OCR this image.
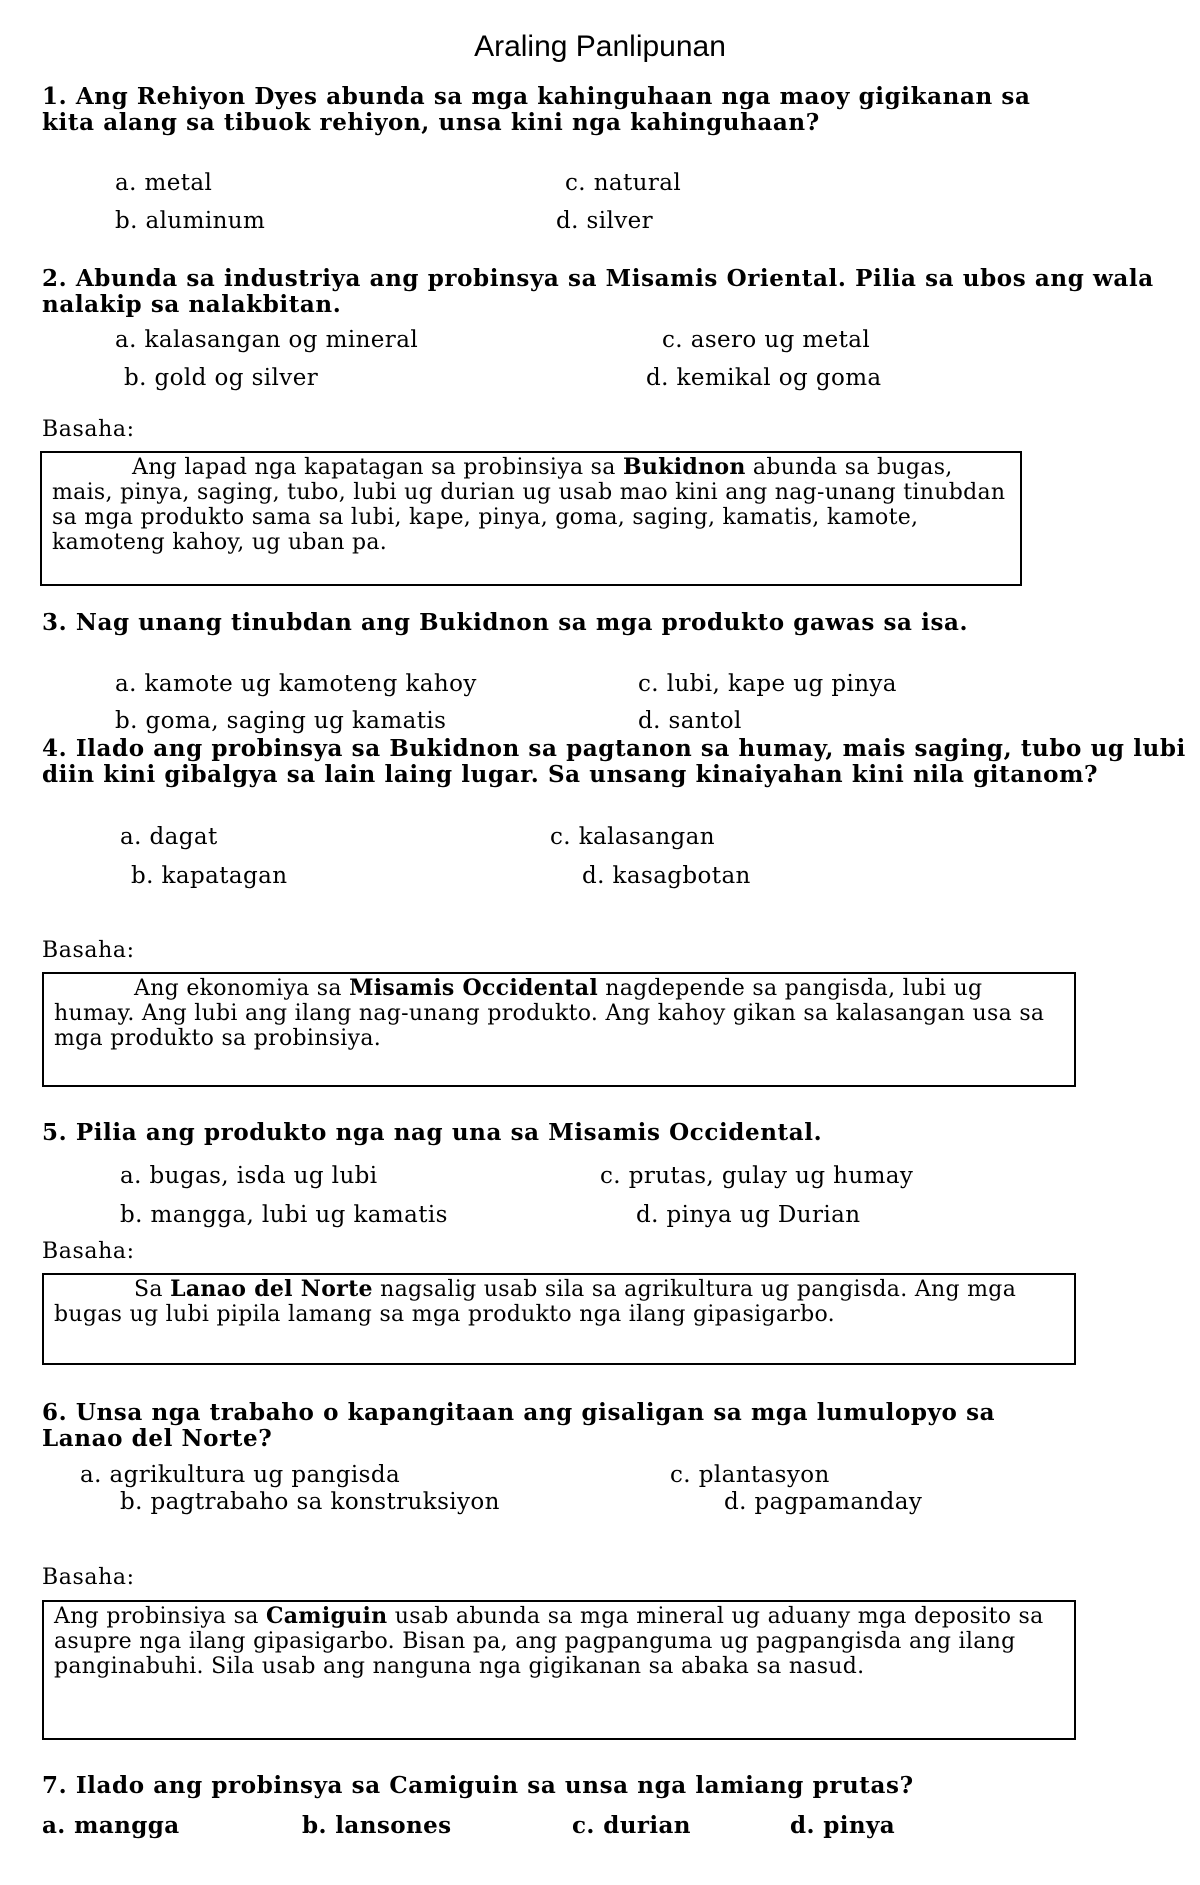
Araling Panlipunan
1. Ang Rehiyon Dyes abunda sa mga kahinguhaan nga maoy gigikanan sa kita alang sa tibuok rehiyon, unsa kini nga kahinguhaan?
a. metal	c. natural
b. aluminum	d. silver
2. Abunda sa industriya ang probinsya sa Misamis Oriental. Pilia sa ubos ang wala nalakip sa nalakbitan.
a. kalasangan og mineral	c. asero ug metal
b. gold og silver	d. kemikal og goma
Basaha:
Ang lapad nga kapatagan sa probinsiya sa Bukidnon abunda sa bugas, mais, pinya, saging, tubo, lubi ug durian ug usab mao kini ang nag-unang tinubdan sa mga produkto sama sa lubi, kape, pinya, goma, saging, kamatis, kamote, kamoteng kahoy, ug uban pa.
3. Nag unang tinubdan ang Bukidnon sa mga produkto gawas sa isa.
a. kamote ug kamoteng kahoy	c. lubi, kape ug pinya
b. goma, saging ug kamatis	d. santol
4. Ilado ang probinsya sa Bukidnon sa pagtanon sa humay, mais saging, tubo ug lubi diin kini gibalgya sa lain laing lugar. Sa unsang kinaiyahan kini nila gitanom?
a. dagat	c. kalasangan
b. kapatagan	d. kasagbotan
Basaha:
Ang ekonomiya sa Misamis Occidental nagdepende sa pangisda, lubi ug humay. Ang lubi ang ilang nag-unang produkto. Ang kahoy gikan sa kalasangan usa sa mga produkto sa probinsiya.
5. Pilia ang produkto nga nag una sa Misamis Occidental.
a. bugas, isda ug lubi	c. prutas, gulay ug humay
b. mangga, lubi ug kamatis	d. pinya ug Durian
Basaha:
Sa Lanao del Norte nagsalig usab sila sa agrikultura ug pangisda. Ang mga bugas ug lubi pipila lamang sa mga produkto nga ilang gipasigarbo.
6. Unsa nga trabaho o kapangitaan ang gisaligan sa mga lumulopyo sa Lanao del Norte?
a. agrikultura ug pangisda	c. plantasyon
b. pagtrabaho sa konstruksiyon	d. pagpamanday
Basaha:
Ang probinsiya sa Camiguin usab abunda sa mga mineral ug aduany mga deposito sa asupre nga ilang gipasigarbo. Bisan pa, ang pagpanguma ug pagpangisda ang ilang panginabuhi. Sila usab ang nanguna nga gigikanan sa abaka sa nasud.
7. Ilado ang probinsya sa Camiguin sa unsa nga lamiang prutas?
a. mangga	b. lansones	c. durian	d. pinya
